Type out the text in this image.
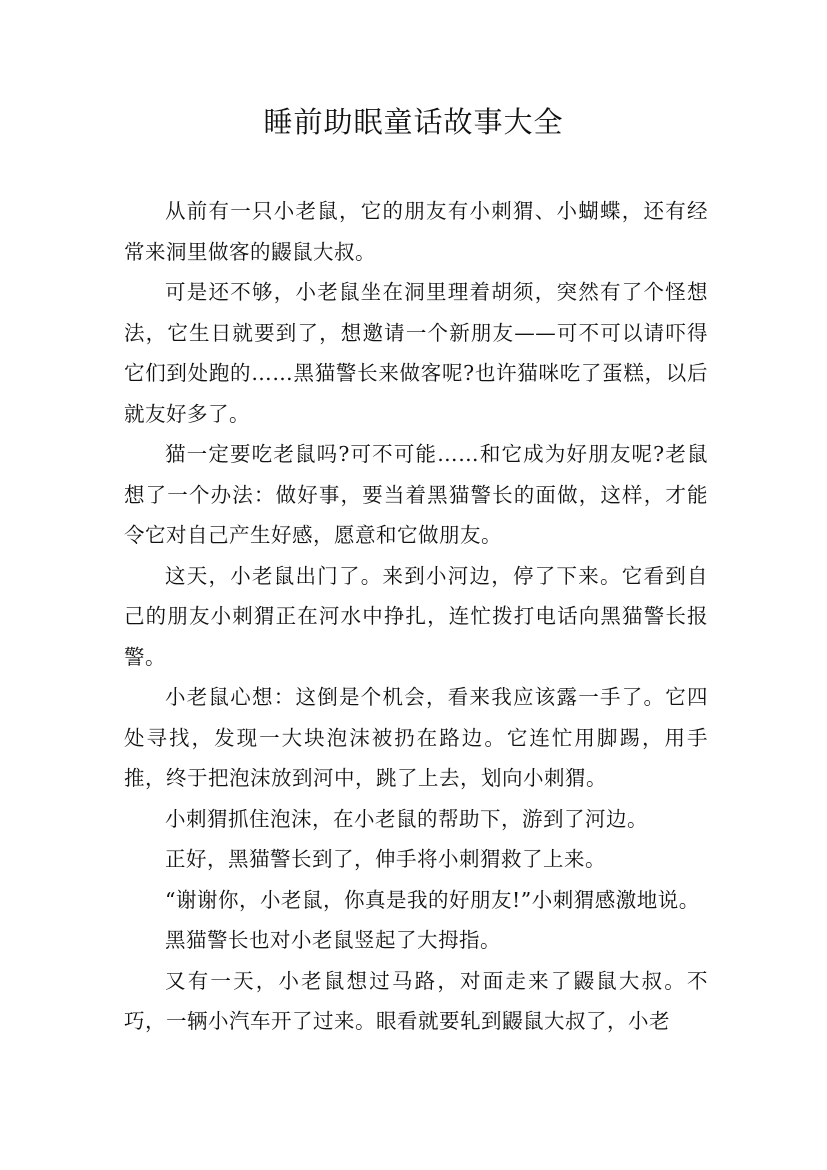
睡前助眠童话故事大全

从前有一只小老鼠，它的朋友有小刺猬、小蝴蝶，还有经常来洞里做客的鼹鼠大叔。

可是还不够，小老鼠坐在洞里理着胡须，突然有了个怪想法，它生日就要到了，想邀请一个新朋友——可不可以请吓得它们到处跑的……黑猫警长来做客呢?也许猫咪吃了蛋糕，以后就友好多了。

猫一定要吃老鼠吗?可不可能……和它成为好朋友呢?老鼠想了一个办法：做好事，要当着黑猫警长的面做，这样，才能令它对自己产生好感，愿意和它做朋友。

这天，小老鼠出门了。来到小河边，停了下来。它看到自己的朋友小刺猬正在河水中挣扎，连忙拨打电话向黑猫警长报警。

小老鼠心想：这倒是个机会，看来我应该露一手了。它四处寻找，发现一大块泡沫被扔在路边。它连忙用脚踢，用手推，终于把泡沫放到河中，跳了上去，划向小刺猬。

小刺猬抓住泡沫，在小老鼠的帮助下，游到了河边。

正好，黑猫警长到了，伸手将小刺猬救了上来。

“谢谢你，小老鼠，你真是我的好朋友!”小刺猬感激地说。

黑猫警长也对小老鼠竖起了大拇指。

又有一天，小老鼠想过马路，对面走来了鼹鼠大叔。不巧，一辆小汽车开了过来。眼看就要轧到鼹鼠大叔了，小老
